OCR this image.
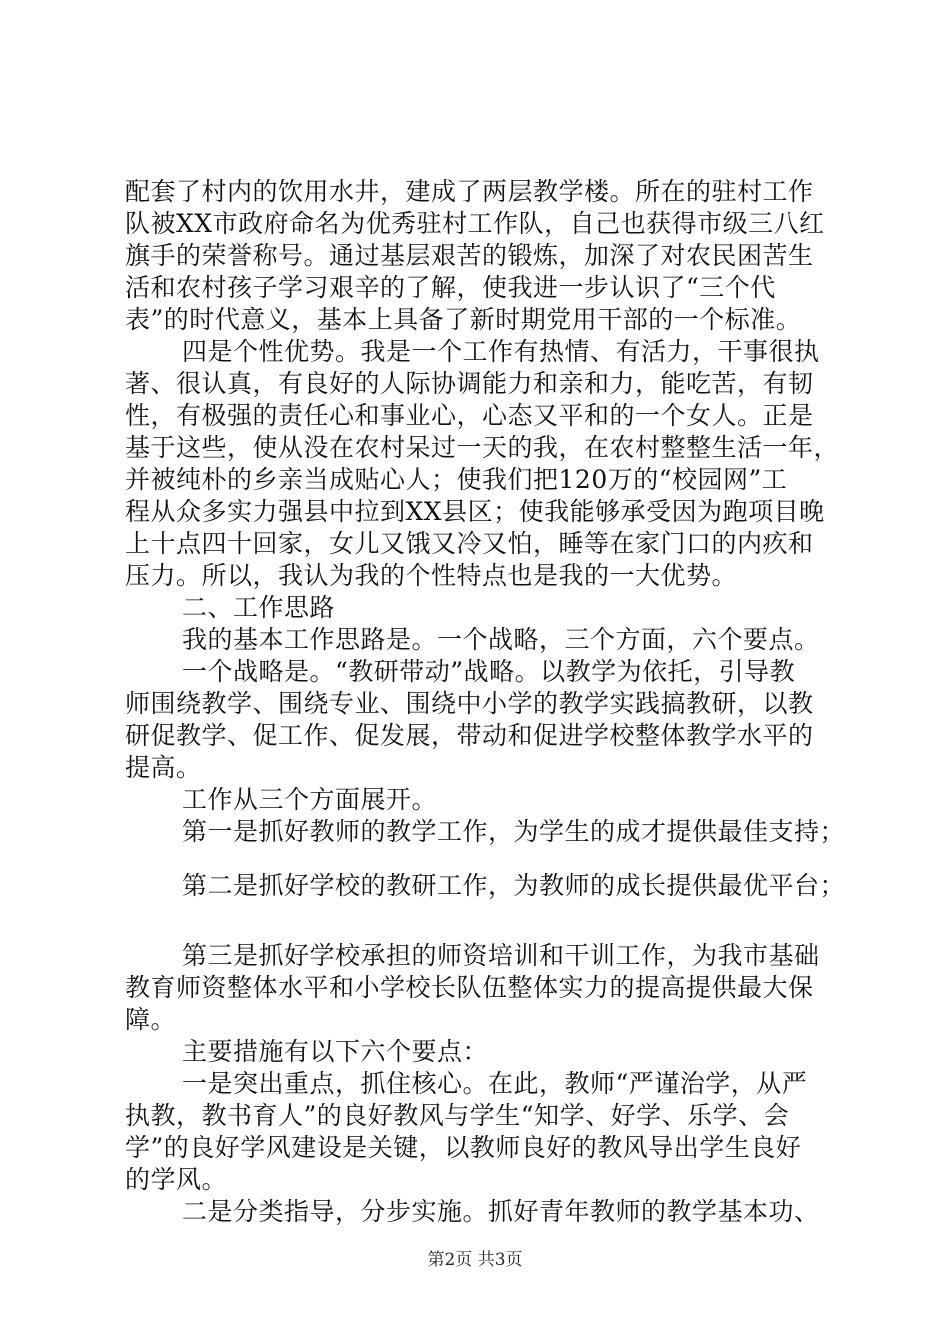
配套了村内的饮用水井，建成了两层教学楼。所在的驻村工作
队被XX市政府命名为优秀驻村工作队，自己也获得市级三八红
旗手的荣誉称号。通过基层艰苦的锻炼，加深了对农民困苦生
活和农村孩子学习艰辛的了解，使我进一步认识了“三个代
表”的时代意义，基本上具备了新时期党用干部的一个标准。
四是个性优势。我是一个工作有热情、有活力，干事很执
著、很认真，有良好的人际协调能力和亲和力，能吃苦，有韧
性，有极强的责任心和事业心，心态又平和的一个女人。正是
基于这些，使从没在农村呆过一天的我，在农村整整生活一年，
并被纯朴的乡亲当成贴心人；使我们把120万的“校园网”工
程从众多实力强县中拉到XX县区；使我能够承受因为跑项目晚
上十点四十回家，女儿又饿又冷又怕，睡等在家门口的内疚和
压力。所以，我认为我的个性特点也是我的一大优势。
二、工作思路
我的基本工作思路是。一个战略，三个方面，六个要点。
一个战略是。“教研带动”战略。以教学为依托，引导教
师围绕教学、围绕专业、围绕中小学的教学实践搞教研，以教
研促教学、促工作、促发展，带动和促进学校整体教学水平的
提高。
工作从三个方面展开。
第一是抓好教师的教学工作，为学生的成才提供最佳支持；
第二是抓好学校的教研工作，为教师的成长提供最优平台；
第三是抓好学校承担的师资培训和干训工作，为我市基础
教育师资整体水平和小学校长队伍整体实力的提高提供最大保
障。
主要措施有以下六个要点：
一是突出重点，抓住核心。在此，教师“严谨治学，从严
执教，教书育人”的良好教风与学生“知学、好学、乐学、会
学”的良好学风建设是关键，以教师良好的教风导出学生良好
的学风。
二是分类指导，分步实施。抓好青年教师的教学基本功、
第2页 共3页
